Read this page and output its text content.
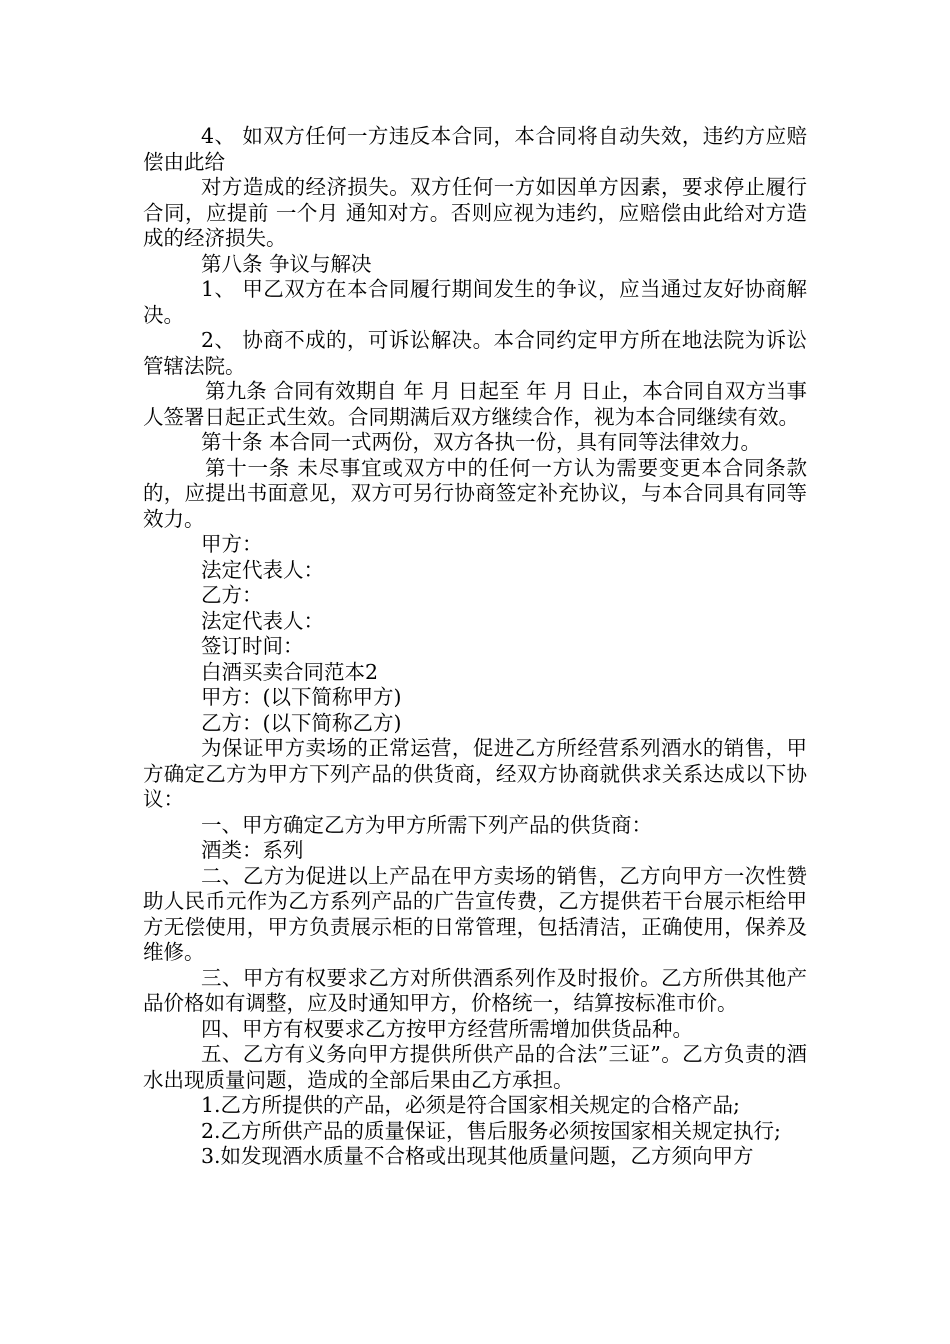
4、 如双方任何一方违反本合同，本合同将自动失效，违约方应赔偿由此给

对方造成的经济损失。双方任何一方如因单方因素，要求停止履行合同，应提前 一个月 通知对方。否则应视为违约，应赔偿由此给对方造成的经济损失。

第八条 争议与解决

1、 甲乙双方在本合同履行期间发生的争议，应当通过友好协商解决。

2、 协商不成的，可诉讼解决。本合同约定甲方所在地法院为诉讼管辖法院。

第九条 合同有效期自 年 月 日起至 年 月 日止，本合同自双方当事人签署日起正式生效。合同期满后双方继续合作，视为本合同继续有效。

第十条 本合同一式两份，双方各执一份，具有同等法律效力。

第十一条 未尽事宜或双方中的任何一方认为需要变更本合同条款的，应提出书面意见，双方可另行协商签定补充协议，与本合同具有同等效力。

甲方：

法定代表人：

乙方：

法定代表人：

签订时间：

白酒买卖合同范本2

甲方：(以下简称甲方)

乙方：(以下简称乙方)

为保证甲方卖场的正常运营，促进乙方所经营系列酒水的销售，甲方确定乙方为甲方下列产品的供货商，经双方协商就供求关系达成以下协议：

一、甲方确定乙方为甲方所需下列产品的供货商：

酒类：系列

二、乙方为促进以上产品在甲方卖场的销售，乙方向甲方一次性赞助人民币元作为乙方系列产品的广告宣传费，乙方提供若干台展示柜给甲方无偿使用，甲方负责展示柜的日常管理，包括清洁，正确使用，保养及维修。

三、甲方有权要求乙方对所供酒系列作及时报价。乙方所供其他产品价格如有调整，应及时通知甲方，价格统一，结算按标准市价。

四、甲方有权要求乙方按甲方经营所需增加供货品种。

五、乙方有义务向甲方提供所供产品的合法”三证”。乙方负责的酒水出现质量问题，造成的全部后果由乙方承担。

1.乙方所提供的产品，必须是符合国家相关规定的合格产品;

2.乙方所供产品的质量保证，售后服务必须按国家相关规定执行;

3.如发现酒水质量不合格或出现其他质量问题，乙方须向甲方
